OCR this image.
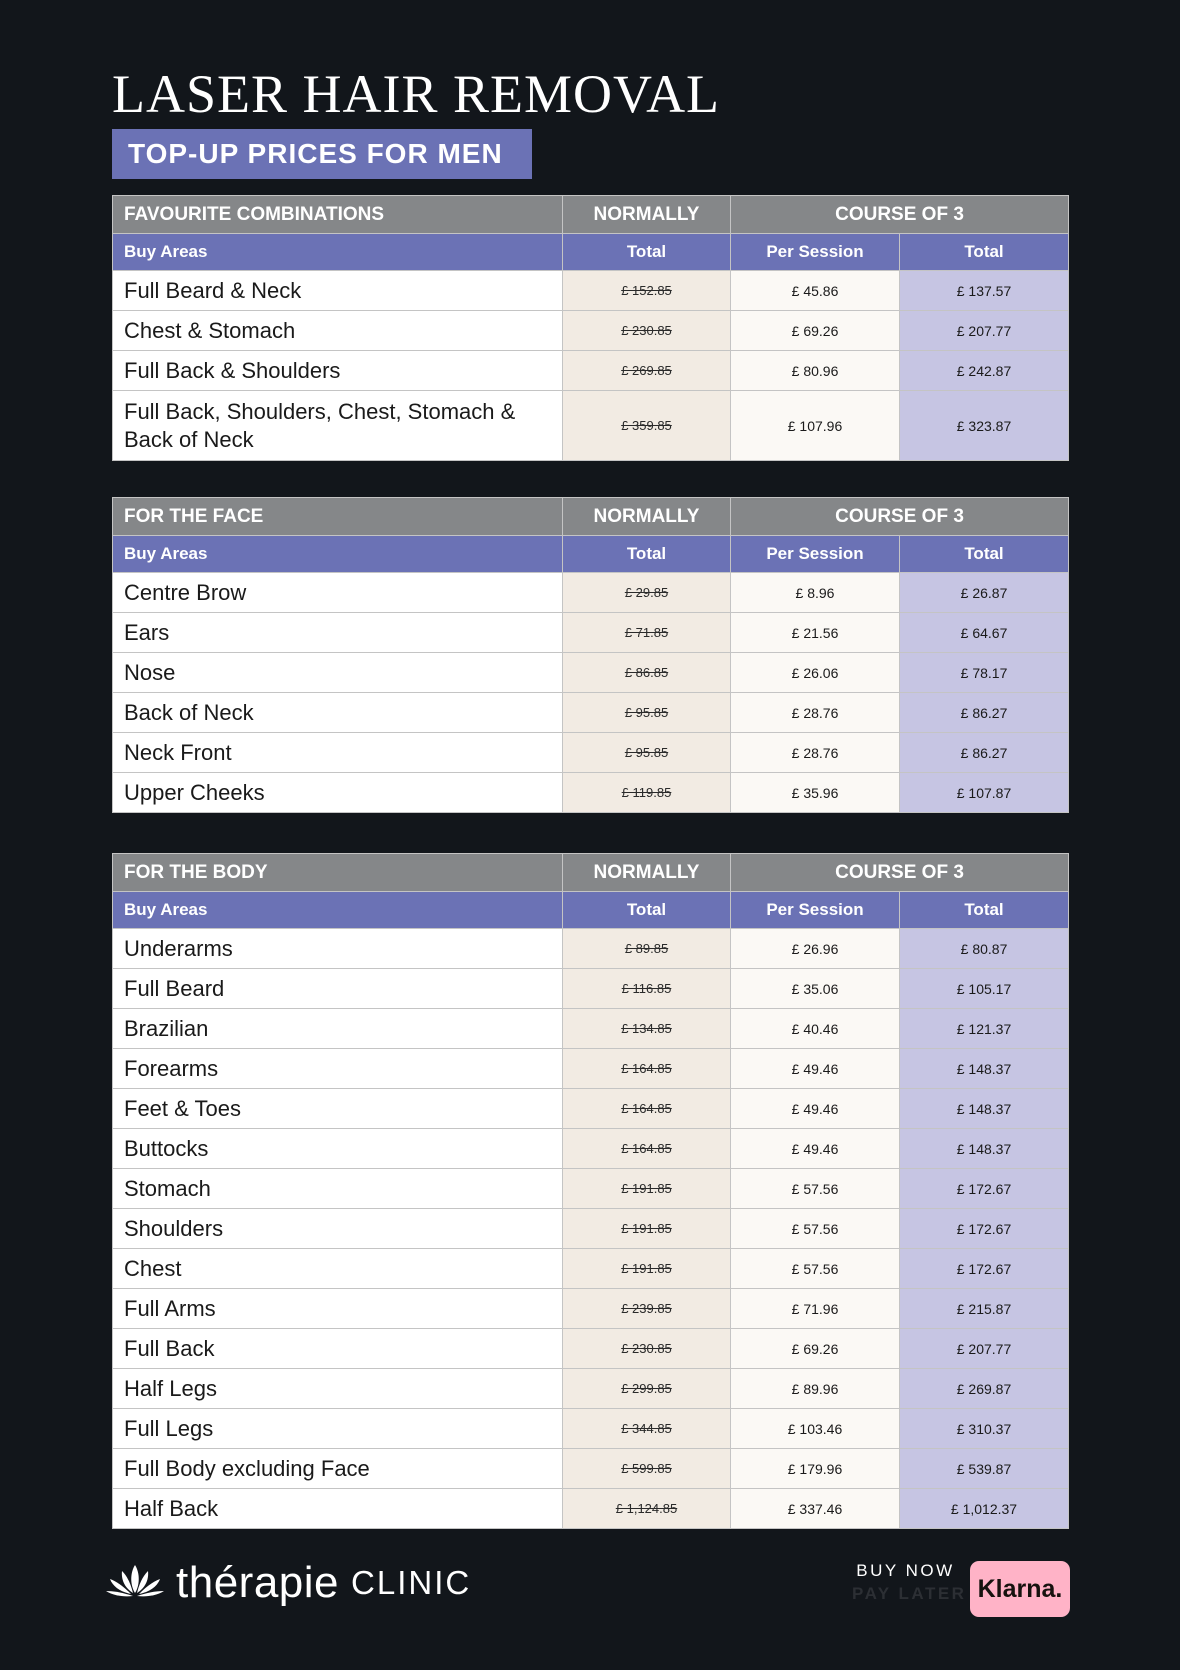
LASER HAIR REMOVAL
TOP-UP PRICES FOR MEN
FAVOURITE COMBINATIONS	NORMALLY	COURSE OF 3	
Buy Areas	Total	Per Session	Total
Full Beard & Neck	£ 152.85	£ 45.86	£ 137.57
Chest & Stomach	£ 230.85	£ 69.26	£ 207.77
Full Back & Shoulders	£ 269.85	£ 80.96	£ 242.87
Full Back, Shoulders, Chest, Stomach & Back of Neck	£ 359.85	£ 107.96	£ 323.87
FOR THE FACE	NORMALLY	COURSE OF 3	
Buy Areas	Total	Per Session	Total
Centre Brow	£ 29.85	£ 8.96	£ 26.87
Ears	£ 71.85	£ 21.56	£ 64.67
Nose	£ 86.85	£ 26.06	£ 78.17
Back of Neck	£ 95.85	£ 28.76	£ 86.27
Neck Front	£ 95.85	£ 28.76	£ 86.27
Upper Cheeks	£ 119.85	£ 35.96	£ 107.87
FOR THE BODY	NORMALLY	COURSE OF 3	
Buy Areas	Total	Per Session	Total
Underarms	£ 89.85	£ 26.96	£ 80.87
Full Beard	£ 116.85	£ 35.06	£ 105.17
Brazilian	£ 134.85	£ 40.46	£ 121.37
Forearms	£ 164.85	£ 49.46	£ 148.37
Feet & Toes	£ 164.85	£ 49.46	£ 148.37
Buttocks	£ 164.85	£ 49.46	£ 148.37
Stomach	£ 191.85	£ 57.56	£ 172.67
Shoulders	£ 191.85	£ 57.56	£ 172.67
Chest	£ 191.85	£ 57.56	£ 172.67
Full Arms	£ 239.85	£ 71.96	£ 215.87
Full Back	£ 230.85	£ 69.26	£ 207.77
Half Legs	£ 299.85	£ 89.96	£ 269.87
Full Legs	£ 344.85	£ 103.46	£ 310.37
Full Body excluding Face	£ 599.85	£ 179.96	£ 539.87
Half Back	£ 1,124.85	£ 337.46	£ 1,012.37
thérapie CLINIC	BUY NOW
PAY LATER Klarna.
